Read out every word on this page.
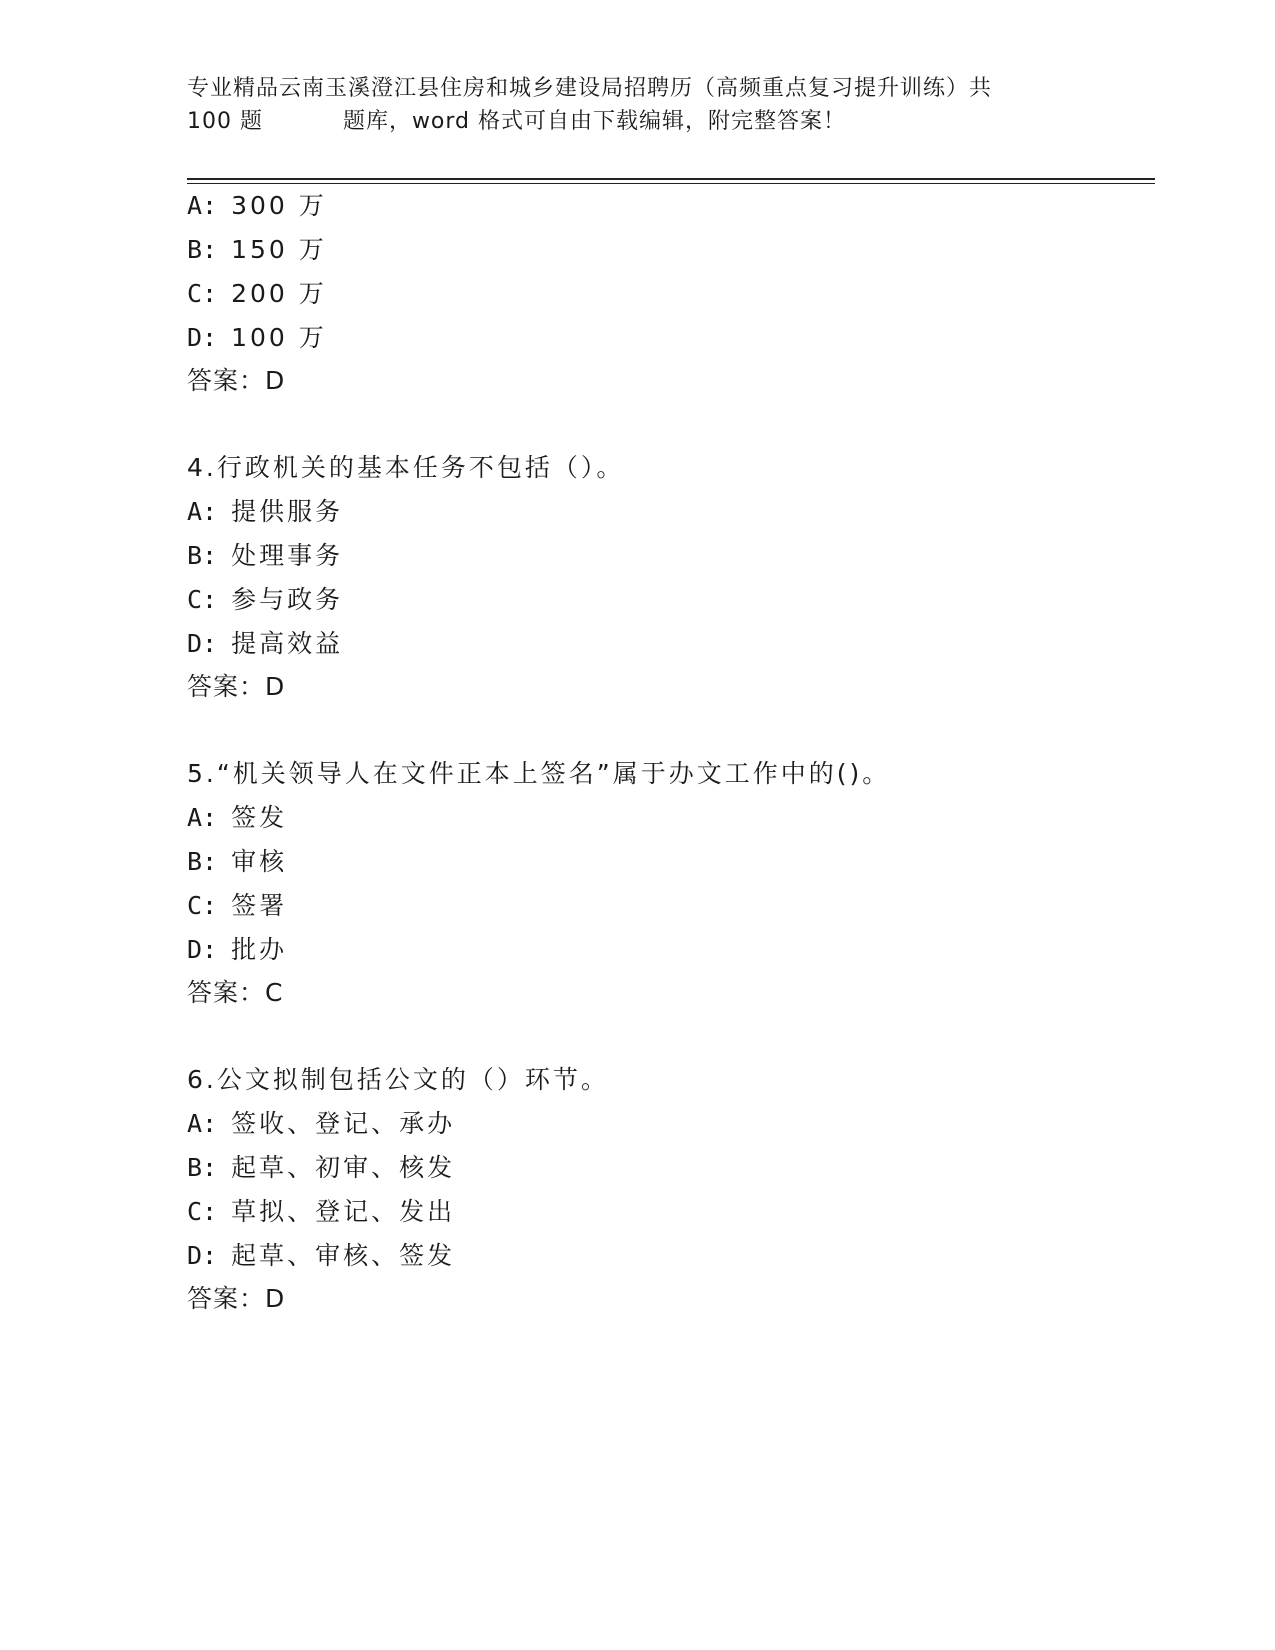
专业精品云南玉溪澄江县住房和城乡建设局招聘历（高频重点复习提升训练）共
100 题	题库，word 格式可自由下载编辑，附完整答案！
A: 300 万
B: 150 万
C: 200 万
D: 100 万
答案：D
4.行政机关的基本任务不包括（）。
A: 提供服务
B: 处理事务
C: 参与政务
D: 提高效益
答案：D
5.“机关领导人在文件正本上签名”属于办文工作中的()。
A: 签发
B: 审核
C: 签署
D: 批办
答案：C
6.公文拟制包括公文的（）环节。
A: 签收、登记、承办
B: 起草、初审、核发
C: 草拟、登记、发出
D: 起草、审核、签发
答案：D
